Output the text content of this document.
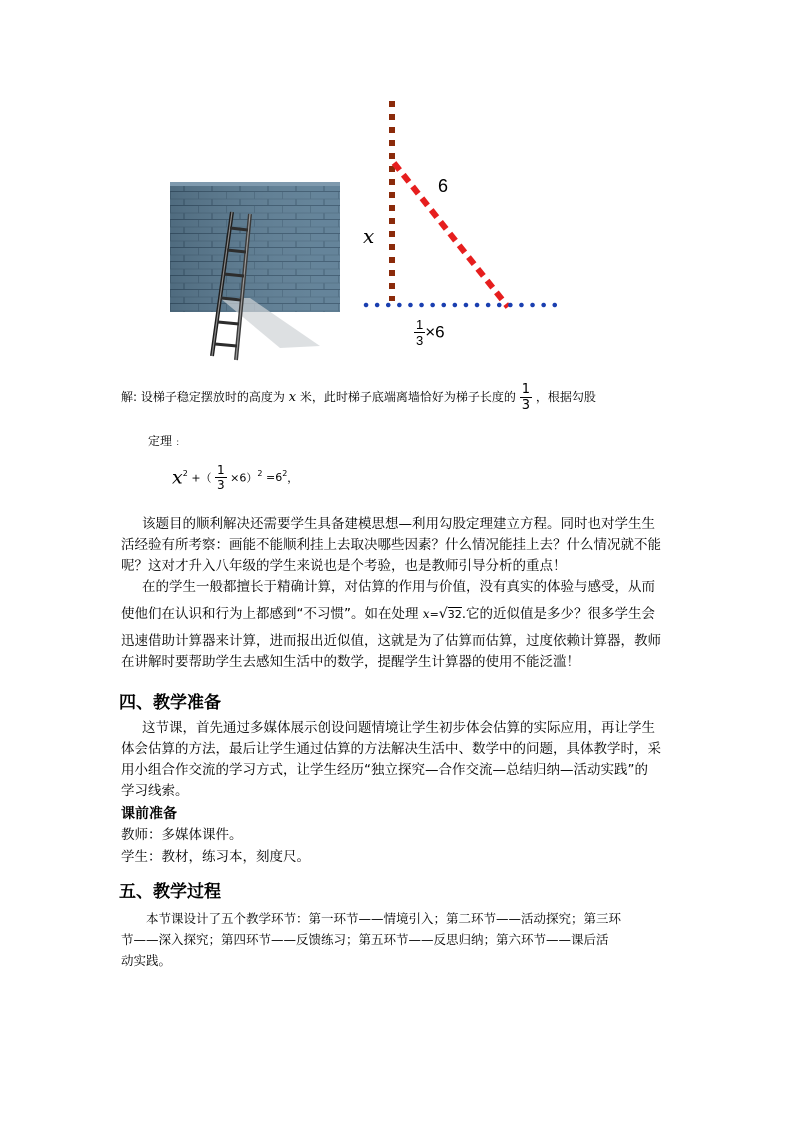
6
x
$\frac{1}{3} \times 6$
解: 设梯子稳定摆放时的高度为 x 米，此时梯子底端离墙恰好为梯子长度的 $\frac{1}{3}$ ，根据勾股
定理 ：
$x^2$ +（ $\frac{1}{3} \times 6)^2 =6^2$，
该题目的顺利解决还需要学生具备建模思想—利用勾股定理建立方程。同时也对学生生
活经验有所考察：画能不能顺利挂上去取决哪些因素？什么情况能挂上去？什么情况就不能
呢？这对才升入八年级的学生来说也是个考验，也是教师引导分析的重点！
在的学生一般都擅长于精确计算，对估算的作用与价值，没有真实的体验与感受，从而
使他们在认识和行为上都感到“不习惯”。如在处理 x=√32.它的近似值是多少？很多学生会
迅速借助计算器来计算，进而报出近似值，这就是为了估算而估算，过度依赖计算器，教师
在讲解时要帮助学生去感知生活中的数学，提醒学生计算器的使用不能泛滥！
四、教学准备
这节课，首先通过多媒体展示创设问题情境让学生初步体会估算的实际应用，再让学生
体会估算的方法，最后让学生通过估算的方法解决生活中、数学中的问题，具体教学时，采
用小组合作交流的学习方式，让学生经历“独立探究—合作交流—总结归纳—活动实践”的
学习线索。
课前准备
教师：多媒体课件。
学生：教材，练习本，刻度尺。
五、教学过程
本节课设计了五个教学环节：第一环节——情境引入；第二环节——活动探究；第三环
节——深入探究；第四环节——反馈练习；第五环节——反思归纳；第六环节——课后活
动实践。
